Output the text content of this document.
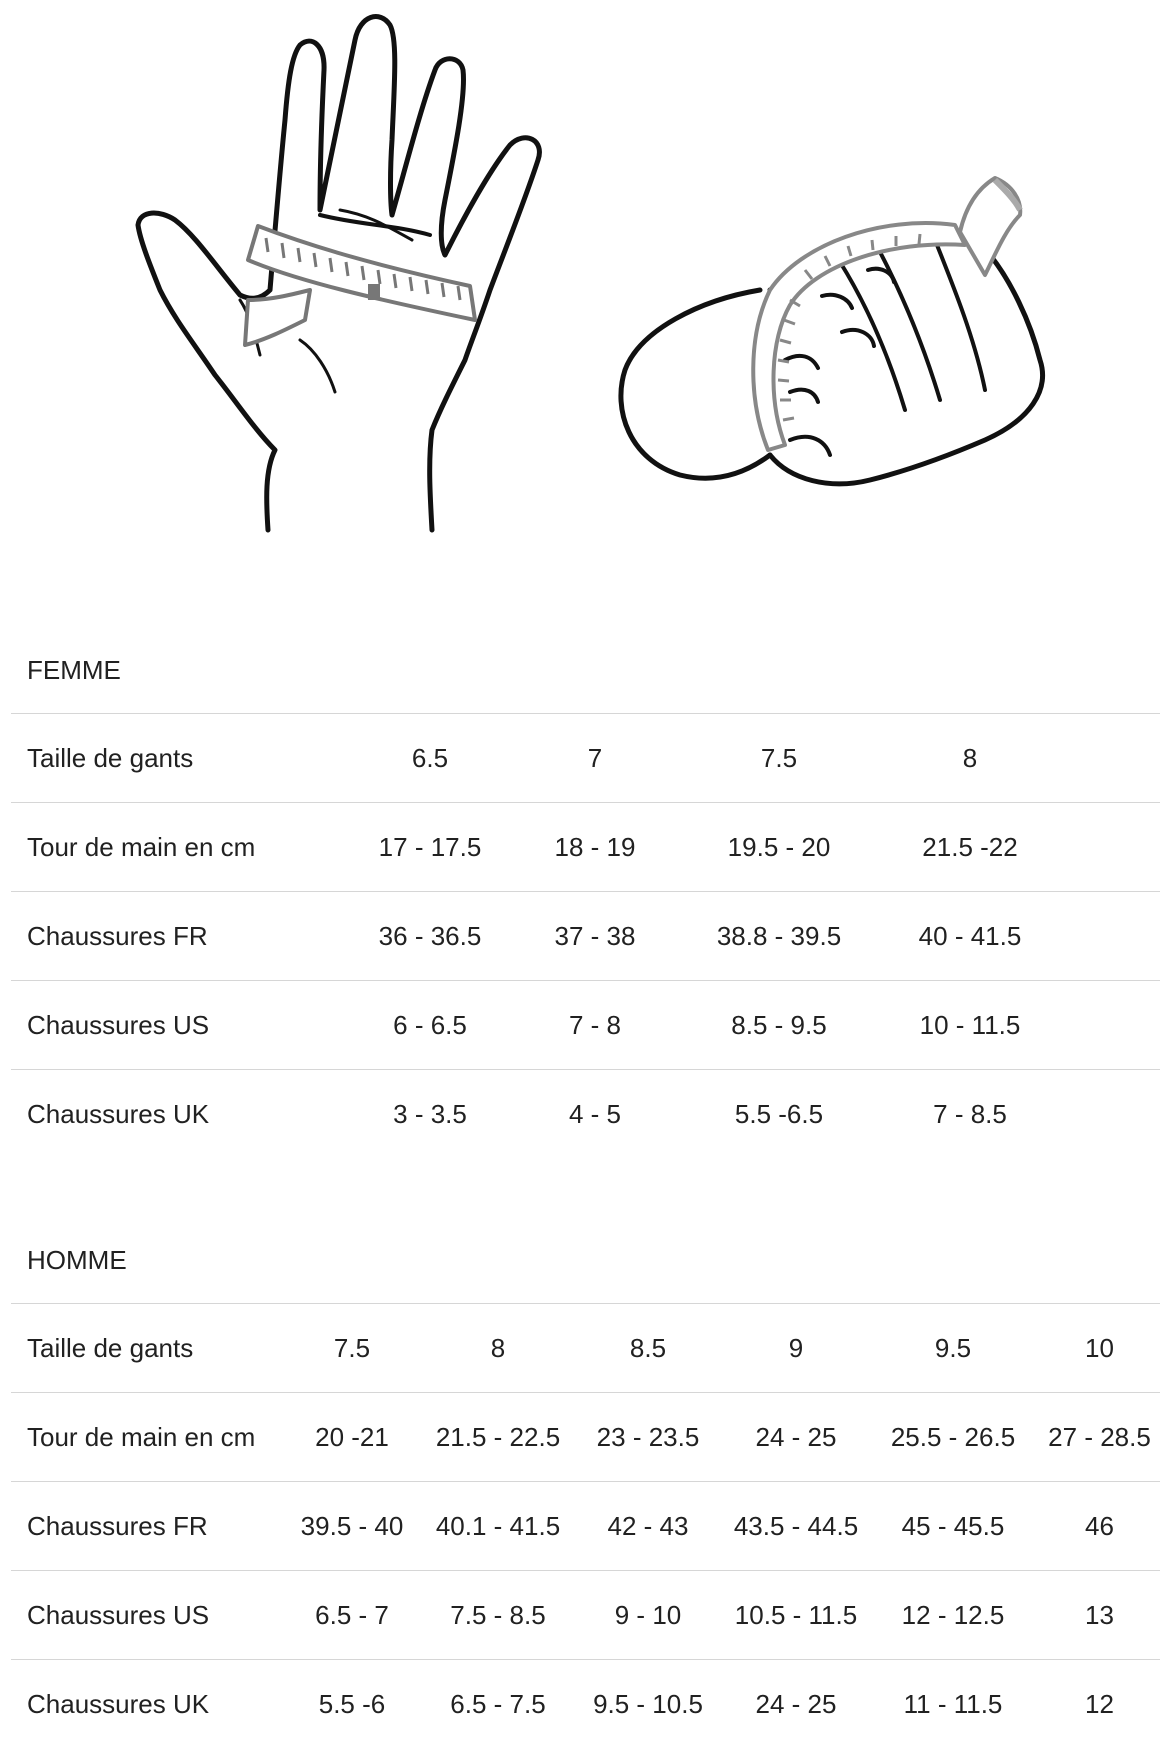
FEMME
Taille de gants	6.5	7	7.5	8	
Tour de main en cm	17 - 17.5	18 - 19	19.5 - 20	21.5 -22	
Chaussures FR	36 - 36.5	37 - 38	38.8 - 39.5	40 - 41.5	
Chaussures US	6 - 6.5	7 - 8	8.5 - 9.5	10 - 11.5	
Chaussures UK	3 - 3.5	4 - 5	5.5 -6.5	7 - 8.5	
HOMME
Taille de gants	7.5	8	8.5	9	9.5	10
Tour de main en cm	20 -21	21.5 - 22.5	23 - 23.5	24 - 25	25.5 - 26.5	27 - 28.5
Chaussures FR	39.5 - 40	40.1 - 41.5	42 - 43	43.5 - 44.5	45 - 45.5	46
Chaussures US	6.5 - 7	7.5 - 8.5	9 - 10	10.5 - 11.5	12 - 12.5	13
Chaussures UK	5.5 -6	6.5 - 7.5	9.5 - 10.5	24 - 25	11 - 11.5	12
